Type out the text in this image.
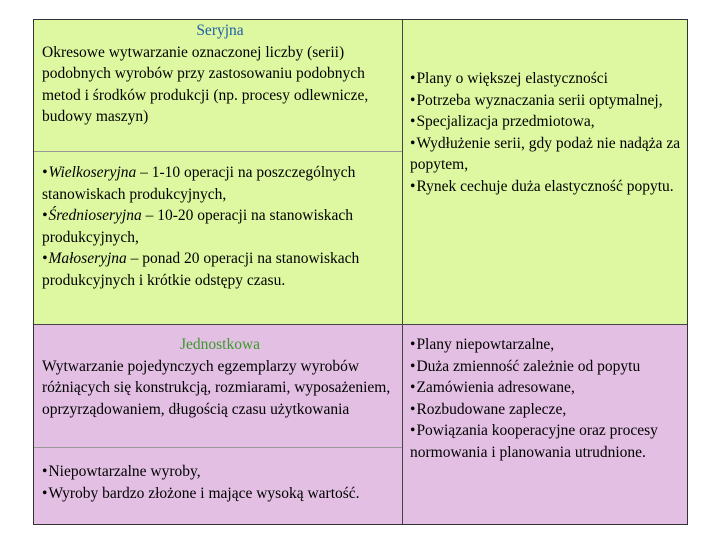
Seryjna
Okresowe wytwarzanie oznaczonej liczby (serii) podobnych wyrobów przy zastosowaniu podobnych metod i środków produkcji (np. procesy odlewnicze, budowy maszyn)
• Wielkoseryjna – 1-10 operacji na poszczególnych stanowiskach produkcyjnych,
• Średnioseryjna – 10-20 operacji na stanowiskach produkcyjnych,
• Małoseryjna – ponad 20 operacji na stanowiskach produkcyjnych i krótkie odstępy czasu.
• Plany o większej elastyczności
• Potrzeba wyznaczania serii optymalnej,
• Specjalizacja przedmiotowa,
• Wydłużenie serii, gdy podaż nie nadąża za popytem,
• Rynek cechuje duża elastyczność popytu.
Jednostkowa
Wytwarzanie pojedynczych egzemplarzy wyrobów różniących się konstrukcją, rozmiarami, wyposażeniem, oprzyrządowaniem, długością czasu użytkowania
• Niepowtarzalne wyroby,
• Wyroby bardzo złożone i mające wysoką wartość.
• Plany niepowtarzalne,
• Duża zmienność zależnie od popytu
• Zamówienia adresowane,
• Rozbudowane zaplecze,
• Powiązania kooperacyjne oraz procesy normowania i planowania utrudnione.
